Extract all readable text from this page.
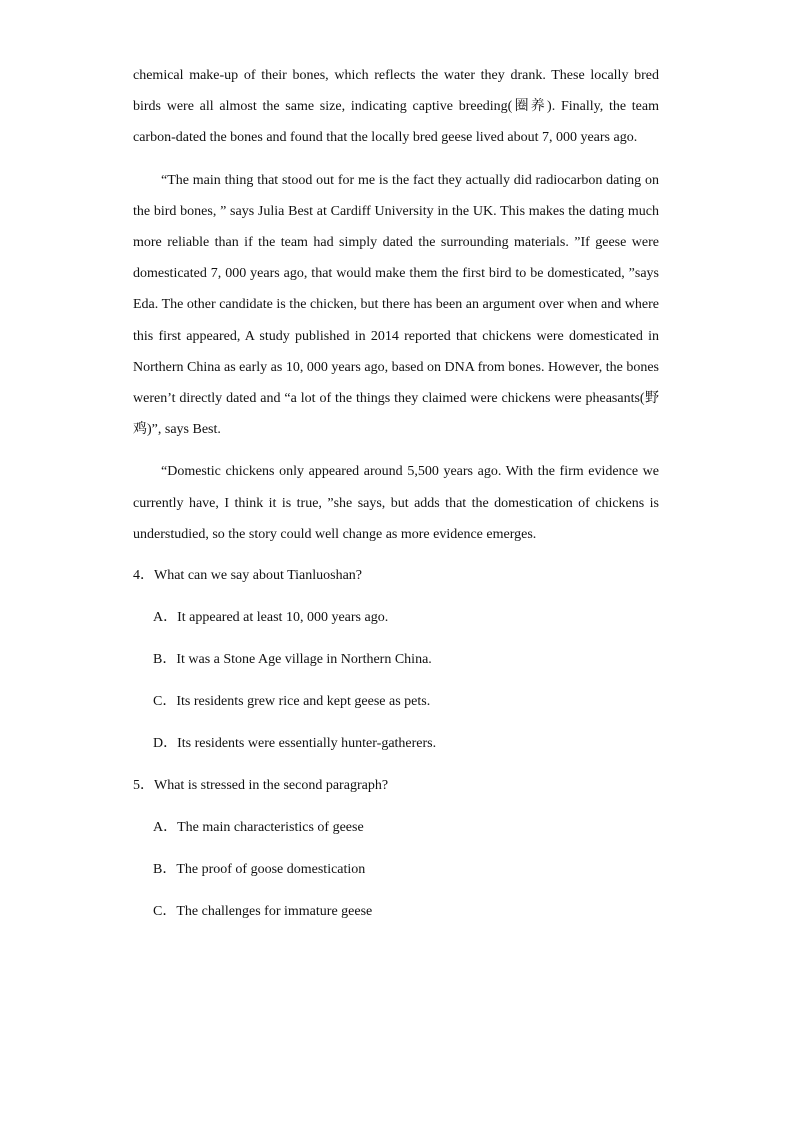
chemical make-up of their bones, which reflects the water they drank. These locally bred birds were all almost the same size, indicating captive breeding(圈养). Finally, the team carbon-dated the bones and found that the locally bred geese lived about 7, 000 years ago.

“The main thing that stood out for me is the fact they actually did radiocarbon dating on the bird bones, ” says Julia Best at Cardiff University in the UK. This makes the dating much more reliable than if the team had simply dated the surrounding materials. ”If geese were domesticated 7, 000 years ago, that would make them the first bird to be domesticated, ”says Eda. The other candidate is the chicken, but there has been an argument over when and where this first appeared, A study published in 2014 reported that chickens were domesticated in Northern China as early as 10, 000 years ago, based on DNA from bones. However, the bones weren’t directly dated and “a lot of the things they claimed were chickens were pheasants(野鸡)”, says Best.

“Domestic chickens only appeared around 5,500 years ago. With the firm evidence we currently have, I think it is true, ”she says, but adds that the domestication of chickens is understudied, so the story could well change as more evidence emerges.

4．What can we say about Tianluoshan?

A．It appeared at least 10, 000 years ago.

B．It was a Stone Age village in Northern China.

C．Its residents grew rice and kept geese as pets.

D．Its residents were essentially hunter-gatherers.

5．What is stressed in the second paragraph?

A．The main characteristics of geese

B．The proof of goose domestication

C．The challenges for immature geese
